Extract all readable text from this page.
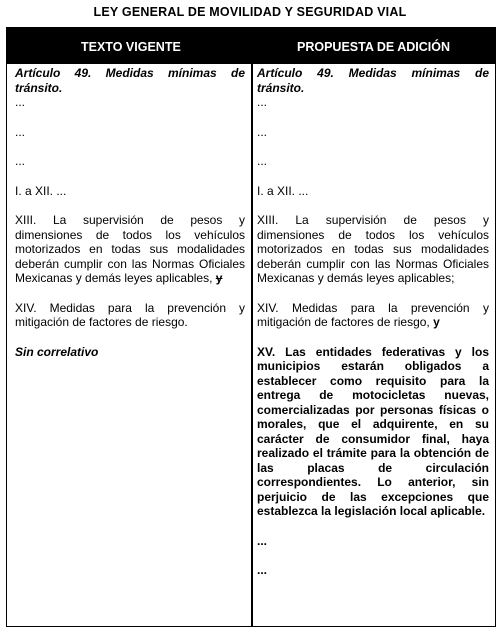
LEY GENERAL DE MOVILIDAD Y SEGURIDAD VIAL
TEXTO VIGENTE	PROPUESTA DE ADICIÓN

Artículo 49. Medidas mínimas de tránsito.

...

...

...

I. a XII. ...

XIII. La supervisión de pesos y dimensiones de todos los vehículos motorizados en todas sus modalidades deberán cumplir con las Normas Oficiales Mexicanas y demás leyes aplicables, y

XIV. Medidas para la prevención y mitigación de factores de riesgo.

Sin correlativo

Artículo 49. Medidas mínimas de tránsito.

...

...

...

I. a XII. ...

XIII. La supervisión de pesos y dimensiones de todos los vehículos motorizados en todas sus modalidades deberán cumplir con las Normas Oficiales Mexicanas y demás leyes aplicables;

XIV. Medidas para la prevención y mitigación de factores de riesgo, y

XV. Las entidades federativas y los municipios estarán obligados a establecer como requisito para la entrega de motocicletas nuevas, comercializadas por personas físicas o morales, que el adquirente, en su carácter de consumidor final, haya realizado el trámite para la obtención de las placas de circulación correspondientes. Lo anterior, sin perjuicio de las excepciones que establezca la legislación local aplicable.

...

...
